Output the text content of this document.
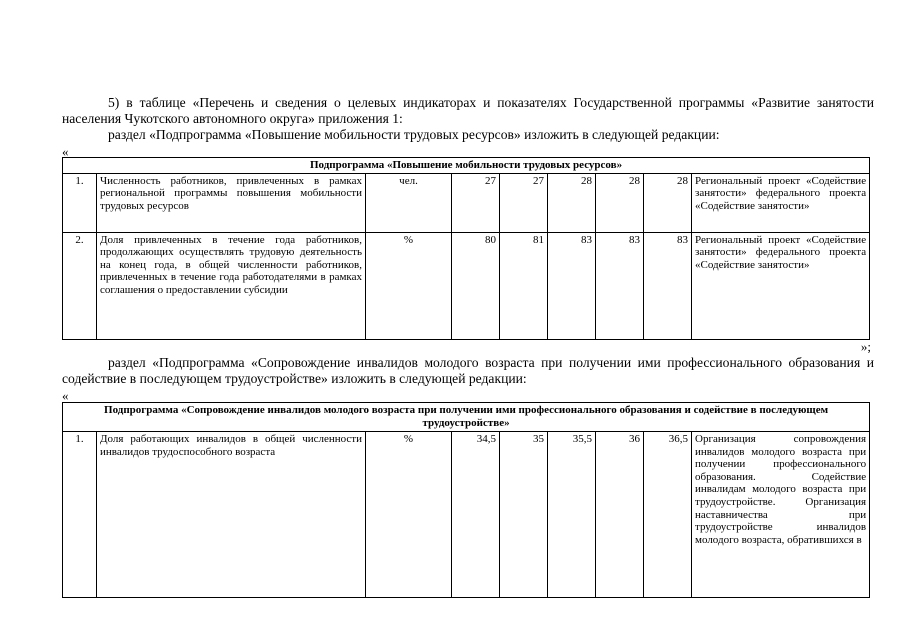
5) в таблице «Перечень и сведения о целевых индикаторах и показателях Государственной программы «Развитие занятости населения Чукотского автономного округа» приложения 1:
раздел «Подпрограмма «Повышение мобильности трудовых ресурсов» изложить в следующей редакции:
«
Подпрограмма «Повышение мобильности трудовых ресурсов»								
1.	Численность работников, привлеченных в рамках региональной программы повышения мобильности трудовых ресурсов	чел.	27	27	28	28	28	Региональный проект «Содействие занятости» федерального проекта «Содействие занятости»
2.	Доля привлеченных в течение года работников, продолжающих осуществлять трудовую деятельность на конец года, в общей численности работников, привлеченных в течение года работодателями в рамках соглашения о предоставлении субсидии	%	80	81	83	83	83	Региональный проект «Содействие занятости» федерального проекта «Содействие занятости»
»;
раздел «Подпрограмма «Сопровождение инвалидов молодого возраста при получении ими профессионального образования и содействие в последующем трудоустройстве» изложить в следующей редакции:
«
Подпрограмма «Сопровождение инвалидов молодого возраста при получении ими профессионального образования и содействие в последующем трудоустройстве»
1.	Доля работающих инвалидов в общей численности инвалидов трудоспособного возраста	%	34,5	35	35,5	36	36,5	Организация сопровождения инвалидов молодого возраста при получении профессионального образования. Содействие инвалидам молодого возраста при трудоустройстве. Организация наставничества при трудоустройстве инвалидов молодого возраста, обратившихся в
